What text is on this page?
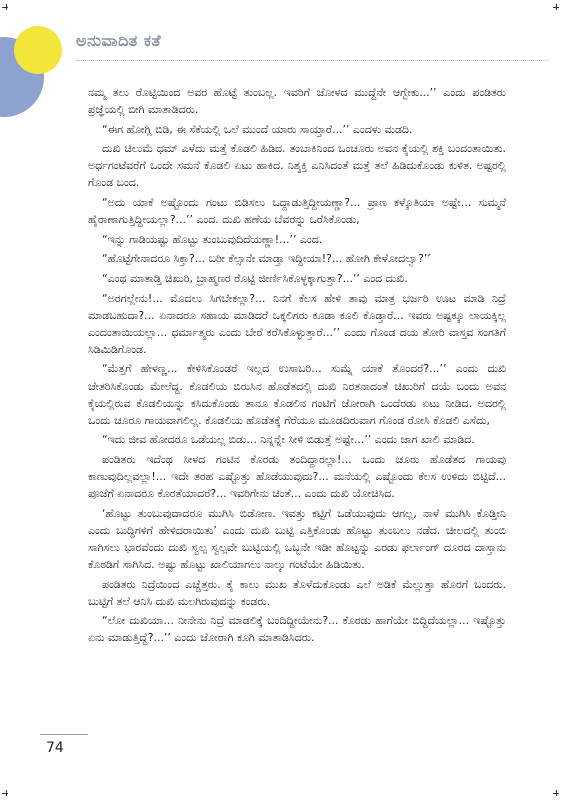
ಅನುವಾದಿತ ಕತೆ

ನಮ್ಮ ತಲು ರೊಟ್ಟಿಯಿಂದ ಅವರ ಹೊಟ್ಟೆ ತುಂಬಲ್ಲ. ಇವರಿಗೆ ಜೋಳದ ಮುದ್ದೆನೇ ಆಗ್ಬೇಕು...’’ ಎಂದು ಪಂಡಿತರು ಪ್ರಜ್ಞೆಯಲ್ಲಿ ಬೀಗಿ ಮಾತಾಡಿದರು.

“ಈಗ ಹೋಗ್ಲಿ ಬಿಡಿ, ಈ ಸೆಕೆಯಲ್ಲಿ ಒಲೆ ಮುಂದೆ ಯಾರು ಸಾಯ್ತಾರೆ...’’ ಎಂದಳು ಮಡದಿ.

ದುಖಿ ಚಿಲುಮೆ ಧಮ್ ಎಳೆದು ಮತ್ತೆ ಕೊಡಲಿ ಹಿಡಿದ. ತಂಬಾಕಿನಿಂದ ಒಂಚೂರು ಅವನ ಕೈಯಲ್ಲಿ ಶಕ್ತಿ ಬಂದಂತಾಯಿತು. ಅರ್ಧಗಂಟೆವರೆಗೆ ಒಂದೇ ಸಮನೆ ಕೊಡಲಿ ಏಟು ಹಾಕಿದ. ನಿಶ್ಶಕ್ತಿ ಎನಿಸಿದಂತೆ ಮತ್ತೆ ತಲೆ ಹಿಡಿದುಕೊಂಡು ಕುಳಿತ. ಅಷ್ಟರಲ್ಲಿ ಗೊಂಡ ಬಂದ.

“ಅದು ಯಾಕೆ ಅಷ್ಟೊಂದು ಗಂಟು ಬಿಡಿಸಲು ಒದ್ದಾಡುತ್ತಿದ್ದೀಯಣ್ಣಾ?... ಪ್ರಾಣ ಕಳ್ಕೊತಿಯಾ ಅಷ್ಟೇ... ಸುಮ್ಮನೆ ಹೈರಾಣಾಗುತ್ತಿದ್ದೀಯಲ್ಲಾ?...’’ ಎಂದ. ದುಖಿ ಹಣೆಯ ಬೆವರನ್ನು ಒರೆಸಿಕೊಂಡು,

“ಇನ್ನು ಗಾಡಿಯಷ್ಟು ಹೊಟ್ಟು ತುಂಬುವುದಿದೆಯಣ್ಣಾ!...’’ ಎಂದ.

“ಹೊಟ್ಟೆಗೇನಾದರೂ ಸಿಕ್ತಾ?... ಬರೀ ಕೆಲ್ಸಾನೇ ಮಾಡ್ತಾ ಇದ್ದೀಯಾ!?... ಹೋಗಿ ಕೇಳೋದಲ್ವಾ?’’

“ಎಂಥ ಮಾತಾಡ್ತಿ ಚಿಖುರಿ, ಬ್ರಾಹ್ಮಣರ ರೊಟ್ಟಿ ಜೀರ್ಣಿಸಿಕೊಳ್ಳಕ್ಕಾಗುತ್ತಾ?...’’ ಎಂದ ದುಖಿ.

“ಅರಗಲ್ಲೇನು!... ಮೊದಲು ಸಿಗಬೇಕಲ್ಲಾ?... ನಿನಗೆ ಕೆಲಸ ಹೇಳಿ ತಾವು ಮಾತ್ರ ಭರ್ಜರಿ ಊಟ ಮಾಡಿ ನಿದ್ರೆ ಮಾಡಬಹುದಾ?... ಏನಾದರೂ ಸಹಾಯ ಮಾಡಿದರೆ ಒಕ್ಕಲಿಗರು ಕೂಡಾ ಕೂಲಿ ಕೊಡ್ತಾರೆ... ಇವರು ಅಷ್ಟಕ್ಕೂ ಲಾಯಕ್ಕಿಲ್ಲ ಎಂದಂತಾಯಿಯಲ್ಲಾ... ಧರ್ಮಾತ್ಮರು ಎಂದು ಬೇರೆ ಕರೆಸಿಕೊಳ್ಳುತ್ತಾರೆ...’’ ಎಂದು ಗೊಂಡ ದಯ ತೋರಿ ವಾಸ್ತವ ಸಂಗತಿಗೆ ಸಿಡಿಮಿಡಿಗೊಂಡ.

“ಮೆತ್ತಗೆ ಹೇಳಣ್ಣ... ಕೇಳಿಸಿಕೊಂಡರೆ ಇಲ್ಲದ ಉಸಾಬರಿ... ಸುಮ್ನೆ ಯಾಕೆ ತೊಂದರೆ?...’’ ಎಂದು ದುಖಿ ಚೇತರಿಸಿಕೊಂಡು ಮೇಲೆದ್ದ. ಕೊಡಲಿಯ ಬಿರುಸಿನ ಹೊಡೆತದಲ್ಲಿ ದುಖಿ ನಿರತನಾದಂತೆ ಚಿಖುರಿಗೆ ದಯೆ ಬಂದು ಅವನ ಕೈಯಲ್ಲಿರುವ ಕೊಡಲಿಯನ್ನು ಕಸಿದುಕೊಂಡು ತಾನೂ ಕೊಡಲಿನ ಗಂಟಿಗೆ ಜೋರಾಗಿ ಒಂದೆರಡು ಏಟು ನೀಡಿದ. ಅದರಲ್ಲಿ ಒಂದು ಚೂರೂ ಗಾಯವಾಗಲಿಲ್ಲ. ಕೊಡಲಿಯ ಹೊಡೆತಕ್ಕೆ ಗೆರೆಯೂ ಮೂಡದಿರುವಾಗ ಗೊಂಡ ರೋಸಿ ಕೊಡಲಿ ಎಸೆದು,

“ಇದು ಜೀವ ಹೋದರೂ ಒಡೆಯಲ್ಲ ಬಿಡು... ನಿನ್ನನ್ನೇ ಸೀಳಿ ಬಿಡುತ್ತೆ ಅಷ್ಟೇ...’’ ಎಂದು ಜಾಗ ಖಾಲಿ ಮಾಡಿದ.

ಪಂಡಿತರು ಇದೆಂಥ ಸೀಳದ ಗಂಟಿನ ಕೊರಡು ತಂದಿದ್ದಾರಲ್ಲಾ!... ಒಂದು ಚೂರು ಹೊಡೆತದ ಗಾಯವು ಕಾಣುವುದಿಲ್ಲವಲ್ಲಾ!... ಇದೇ ತರಹ ಎಷ್ಟೊತ್ತು ಹೊಡೆಯುವುದು?... ಮನೆಯಲ್ಲಿ ಎಷ್ಟೊಂದು ಕೆಲಸ ಉಳಿದು ಬಿಟ್ಟಿದೆ... ಪೂಜೆಗೆ ಏನಾದರೂ ಕೊರತೆಯಾದರೆ?... ಇವರಿಗೇನು ಚಿಂತೆ... ಎಂದು ದುಖಿ ಯೋಚಿಸಿದ.

‘ಹೊಟ್ಟು ತುಂಬುವುದಾದರೂ ಮುಗಿಸಿ ಬಿಡೋಣ. ಇವತ್ತು ಕಟ್ಟಿಗೆ ಒಡೆಯುವುದು ಆಗಲ್ಲ, ನಾಳೆ ಮುಗಿಸಿ ಕೊಡ್ತೀನಿ ಎಂದು ಬುದ್ಧಿಗಳಿಗೆ ಹೇಳಿದರಾಯಿತು’ ಎಂದು ದುಖಿ ಬುಟ್ಟಿ ಎತ್ತಿಕೊಂಡು ಹೊಟ್ಟು ತುಂಬಲು ನಡೆದ. ಚೀಲದಲ್ಲಿ ತುಂಬಿ ಸಾಗಿಸಲು ಭಾರವೆಂದು ದುಖಿ ಸ್ವಲ್ಪ ಸ್ವಲ್ಪವೇ ಬುಟ್ಟಿಯಲ್ಲಿ ಒಬ್ಬನೇ ಇಡೀ ಹೊಟ್ಟನ್ನು ಎರಡು ಫರ್ಲಾಂಗ್ ದೂರದ ದಾಸ್ತಾನು ಕೊಠಡಿಗೆ ಸಾಗಿಸಿದ. ಅಷ್ಟು ಹೊಟ್ಟು ಖಾಲಿಯಾಗಲು ನಾಲ್ಕು ಗಂಟೆಯೇ ಹಿಡಿಯಿತು.

ಪಂಡಿತರು ನಿದ್ರೆಯಿಂದ ಎಚ್ಚೆತ್ತರು. ಕೈ ಕಾಲು ಮುಖ ತೊಳೆದುಕೊಂಡು ಎಲೆ ಅಡಿಕೆ ಮೆಲ್ಲುತ್ತಾ ಹೊರಗೆ ಬಂದರು. ಬುಟ್ಟಿಗೆ ತಲೆ ಆನಿಸಿ ದುಖಿ ಮಲಗಿರುವುದನ್ನು ಕಂಡರು.

“ಲೋ ದುಖಿಯಾ... ನೀನೇನು ನಿದ್ರೆ ಮಾಡಲಿಕ್ಕೆ ಬಂದಿದ್ದೀಯೇನು?... ಕೊರಡು ಹಾಗೆಯೇ ಬಿದ್ದಿದೆಯಲ್ಲಾ... ಇಷ್ಟೊತ್ತು ಏನು ಮಾಡುತ್ತಿದ್ದೆ?...’’ ಎಂದು ಜೋರಾಗಿ ಕೂಗಿ ಮಾತಾಡಿಸಿದರು.

74
